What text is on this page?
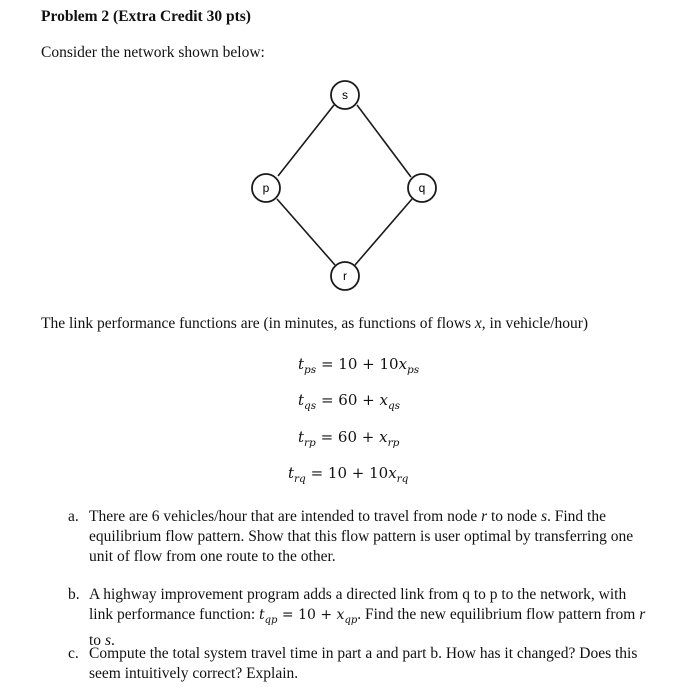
Problem 2 (Extra Credit 30 pts)
Consider the network shown below:
s
p	q
r
The link performance functions are (in minutes, as functions of flows x, in vehicle/hour)
$t_{ps} = 10 + 10x_{ps}$
$t_{qs} = 60 + x_{qs}$
$t_{rp} = 60 + x_{rp}$
$t_{rq} = 10 + 10x_{rq}$
a. There are 6 vehicles/hour that are intended to travel from node r to node s. Find the equilibrium flow pattern. Show that this flow pattern is user optimal by transferring one unit of flow from one route to the other.
b. A highway improvement program adds a directed link from q to p to the network, with link performance function: $t_{qp} = 10 + x_{qp}$. Find the new equilibrium flow pattern from r to s.
c. Compute the total system travel time in part a and part b. How has it changed? Does this seem intuitively correct? Explain.
